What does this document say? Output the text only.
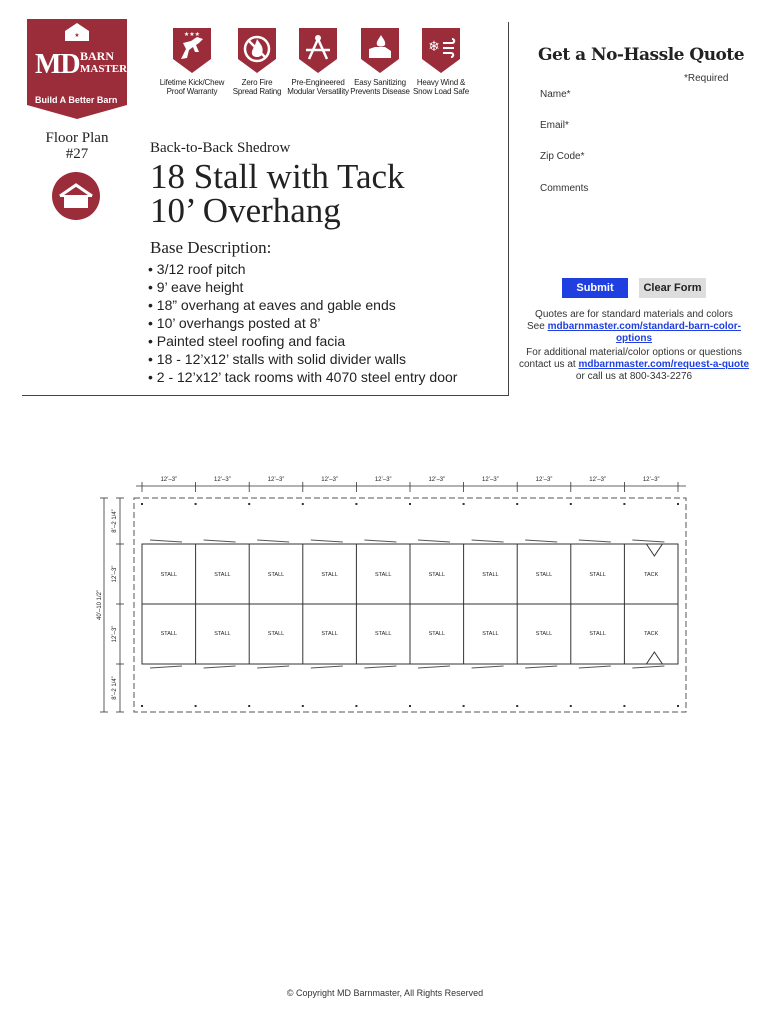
★
MD BARN
MASTER
Build A Better Barn
★★★
Lifetime Kick/Chew
Proof Warranty
Zero Fire
Spread Rating
Pre-Engineered
Modular Versatility
Easy Sanitizing
Prevents Disease
❄
Heavy Wind &
Snow Load Safe
Floor Plan
#27	Back-to-Back Shedrow
18 Stall with Tack
10’ Overhang
Base Description:
• 3/12 roof pitch
• 9’ eave height
• 18” overhang at eaves and gable ends
• 10’ overhangs posted at 8’
• Painted steel roofing and facia
• 18 - 12’x12’ stalls with solid divider walls
• 2 - 12’x12’ tack rooms with 4070 steel entry door
Get a No-Hassle Quote
*Required
Name*
Email*
Zip Code*
Comments
Submit	Clear Form
Quotes are for standard materials and colors
See mdbarnmaster.com/standard-barn-color-options
For additional material/color options or questions
contact us at mdbarnmaster.com/request-a-quote
or call us at 800-343-2276
12’–3”	12’–3”	12’–3”	12’–3”	12’–3”	12’–3”	12’–3”	12’–3”	12’–3”	12’–3”
STALL	STALL	STALL	STALL	STALL	STALL	STALL	STALL	STALL	TACK
STALL	STALL	STALL	STALL	STALL	STALL	STALL	STALL	STALL	TACK
8’–2 1/4”
12’–3”
12’–3”
8’–2 1/4”
40’–10 1/2”
© Copyright MD Barnmaster, All Rights Reserved
